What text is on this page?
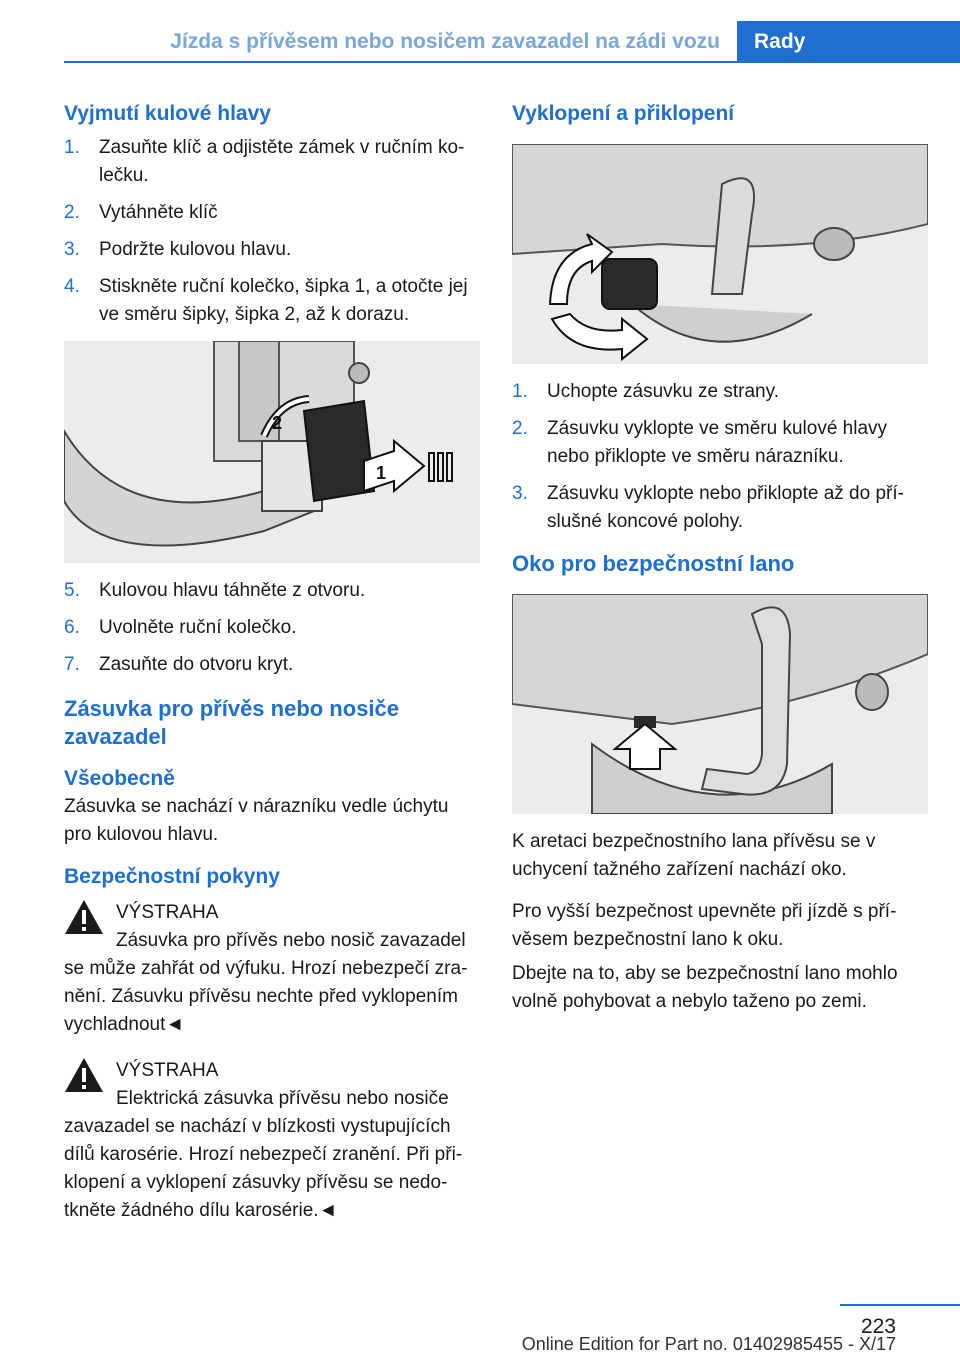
Jízda s přívěsem nebo nosičem zavazadel na zádi vozu	Rady
Vyjmutí kulové hlavy
1. Zasuňte klíč a odjistěte zámek v ručním kolečku.
2. Vytáhněte klíč
3. Podržte kulovou hlavu.
4. Stiskněte ruční kolečko, šipka 1, a otočte jej ve směru šipky, šipka 2, až k dorazu.
1
2
5. Kulovou hlavu táhněte z otvoru.
6. Uvolněte ruční kolečko.
7. Zasuňte do otvoru kryt.
Zásuvka pro přívěs nebo nosiče zavazadel
Všeobecně
Zásuvka se nachází v nárazníku vedle úchytu pro kulovou hlavu.
Bezpečnostní pokyny
VÝSTRAHA
Zásuvka pro přívěs nebo nosič zavazadel se může zahřát od výfuku. Hrozí nebezpečí zranění. Zásuvku přívěsu nechte před vyklopením vychladnout◄
VÝSTRAHA
Elektrická zásuvka přívěsu nebo nosiče zavazadel se nachází v blízkosti vystupujících dílů karosérie. Hrozí nebezpečí zranění. Při přiklopení a vyklopení zásuvky přívěsu se nedotkněte žádného dílu karosérie.◄
Vyklopení a přiklopení
1. Uchopte zásuvku ze strany.
2. Zásuvku vyklopte ve směru kulové hlavy nebo přiklopte ve směru nárazníku.
3. Zásuvku vyklopte nebo přiklopte až do příslušné koncové polohy.
Oko pro bezpečnostní lano
K aretaci bezpečnostního lana přívěsu se v uchycení tažného zařízení nachází oko.
Pro vyšší bezpečnost upevněte při jízdě s přívěsem bezpečnostní lano k oku.
Dbejte na to, aby se bezpečnostní lano mohlo volně pohybovat a nebylo taženo po zemi.
223
Online Edition for Part no. 01402985455 - X/17
